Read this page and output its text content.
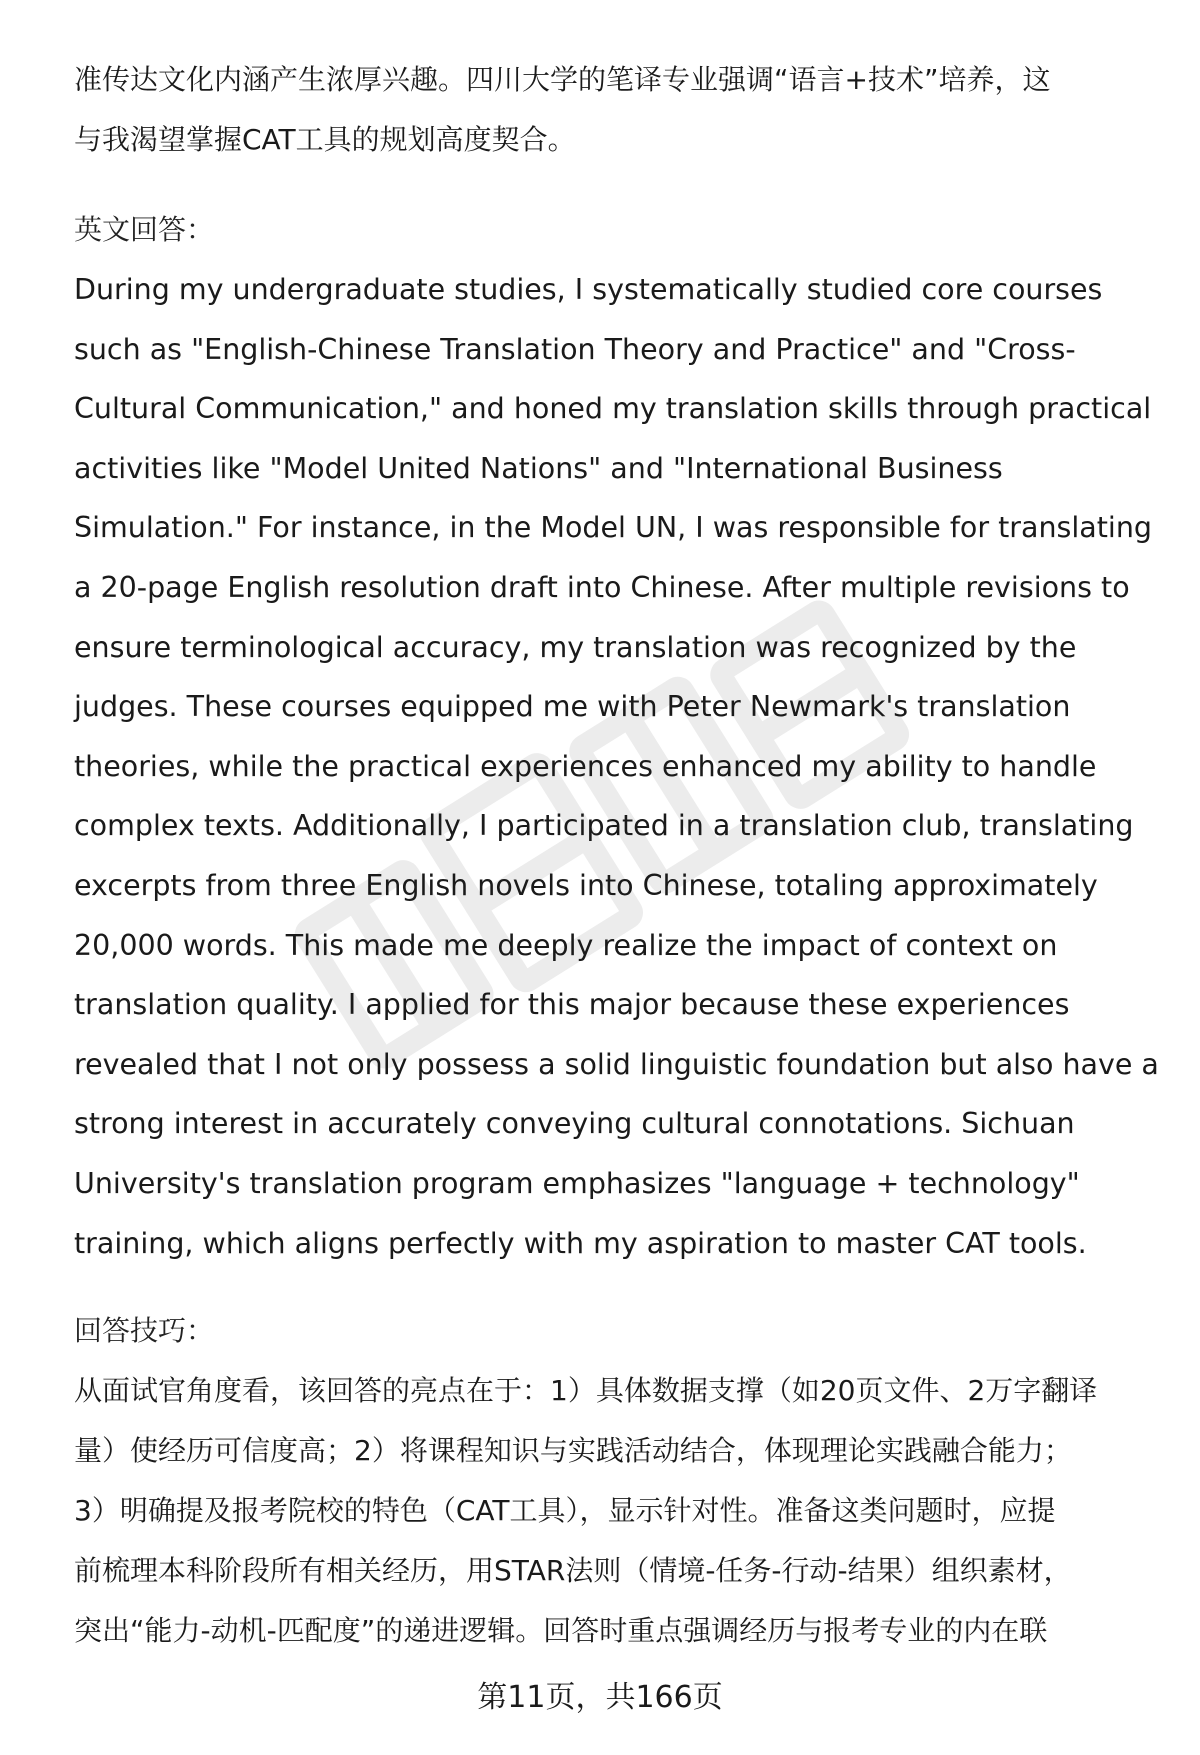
准传达文化内涵产生浓厚兴趣。四川大学的笔译专业强调“语言+技术”培养，这

与我渴望掌握CAT工具的规划高度契合。

英文回答：

During my undergraduate studies, I systematically studied core courses

such as "English-Chinese Translation Theory and Practice" and "Cross-

Cultural Communication," and honed my translation skills through practical

activities like "Model United Nations" and "International Business

Simulation." For instance, in the Model UN, I was responsible for translating

a 20-page English resolution draft into Chinese. After multiple revisions to

ensure terminological accuracy, my translation was recognized by the

judges. These courses equipped me with Peter Newmark's translation

theories, while the practical experiences enhanced my ability to handle

complex texts. Additionally, I participated in a translation club, translating

excerpts from three English novels into Chinese, totaling approximately

20,000 words. This made me deeply realize the impact of context on

translation quality. I applied for this major because these experiences

revealed that I not only possess a solid linguistic foundation but also have a

strong interest in accurately conveying cultural connotations. Sichuan

University's translation program emphasizes "language + technology"

training, which aligns perfectly with my aspiration to master CAT tools.

回答技巧：

从面试官角度看，该回答的亮点在于：1）具体数据支撑（如20页文件、2万字翻译

量）使经历可信度高；2）将课程知识与实践活动结合，体现理论实践融合能力；

3）明确提及报考院校的特色（CAT工具），显示针对性。准备这类问题时，应提

前梳理本科阶段所有相关经历，用STAR法则（情境-任务-行动-结果）组织素材，

突出“能力-动机-匹配度”的递进逻辑。回答时重点强调经历与报考专业的内在联

第11页，共166页
